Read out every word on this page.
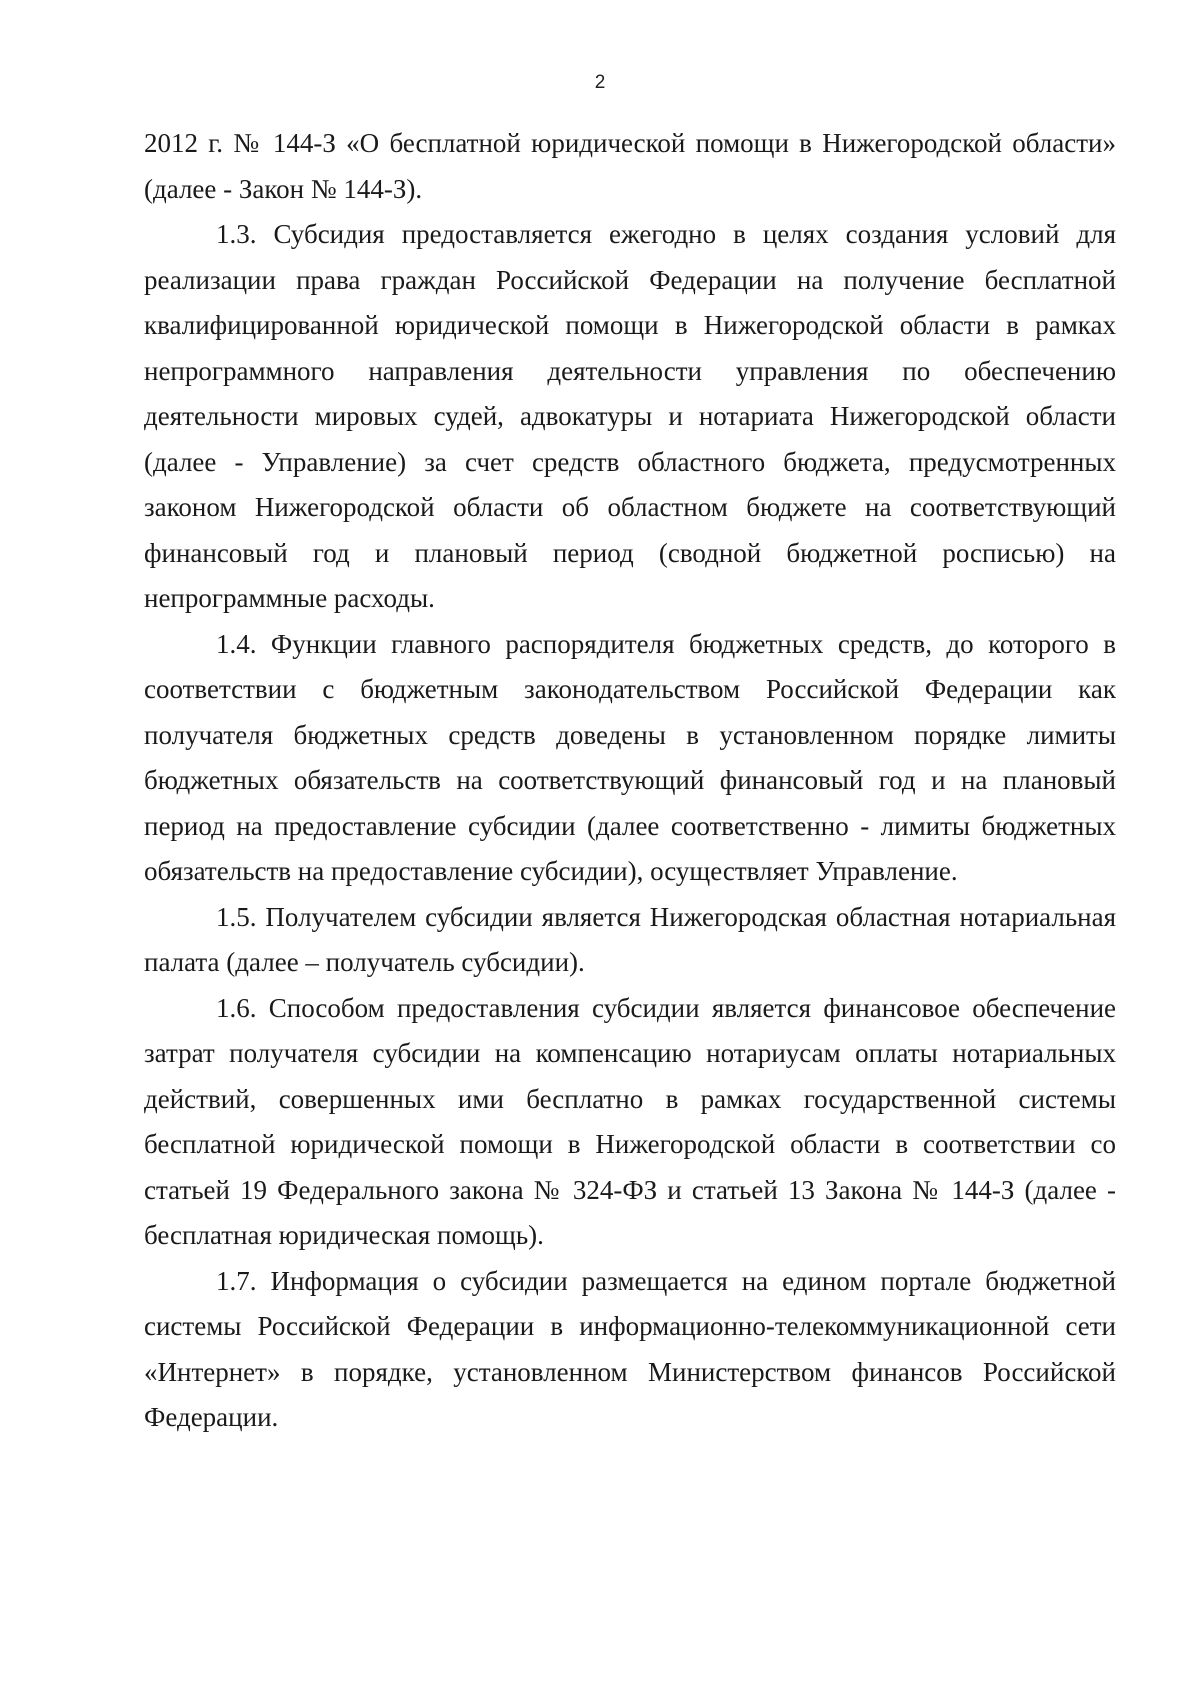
2

2012 г. № 144-З «О бесплатной юридической помощи в Нижегородской области» (далее - Закон № 144-З).

1.3. Субсидия предоставляется ежегодно в целях создания условий для реализации права граждан Российской Федерации на получение бесплатной квалифицированной юридической помощи в Нижегородской области в рамках непрограммного направления деятельности управления по обеспечению деятельности мировых судей, адвокатуры и нотариата Нижегородской области (далее - Управление) за счет средств областного бюджета, предусмотренных законом Нижегородской области об областном бюджете на соответствующий финансовый год и плановый период (сводной бюджетной росписью) на непрограммные расходы.

1.4. Функции главного распорядителя бюджетных средств, до которого в соответствии с бюджетным законодательством Российской Федерации как получателя бюджетных средств доведены в установленном порядке лимиты бюджетных обязательств на соответствующий финансовый год и на плановый период на предоставление субсидии (далее соответственно - лимиты бюджетных обязательств на предоставление субсидии), осуществляет Управление.

1.5. Получателем субсидии является Нижегородская областная нотариальная палата (далее – получатель субсидии).

1.6. Способом предоставления субсидии является финансовое обеспечение затрат получателя субсидии на компенсацию нотариусам оплаты нотариальных действий, совершенных ими бесплатно в рамках государственной системы бесплатной юридической помощи в Нижегородской области в соответствии со статьей 19 Федерального закона № 324-ФЗ и статьей 13 Закона № 144-З (далее - бесплатная юридическая помощь).

1.7. Информация о субсидии размещается на едином портале бюджетной системы Российской Федерации в информационно-телекоммуникационной сети «Интернет» в порядке, установленном Министерством финансов Российской Федерации.
